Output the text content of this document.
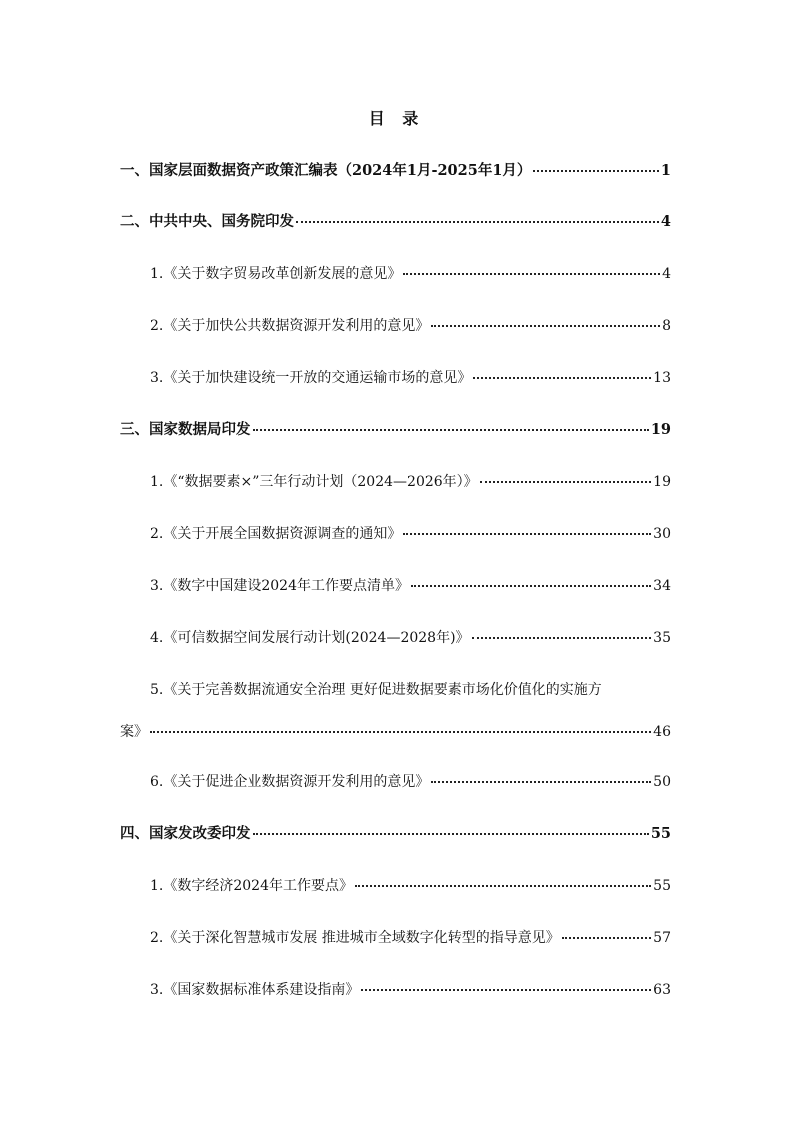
目 录
一、国家层面数据资产政策汇编表（2024年1月-2025年1月）	1
二、中共中央、国务院印发	4
1.《关于数字贸易改革创新发展的意见》	4
2.《关于加快公共数据资源开发利用的意见》	8
3.《关于加快建设统一开放的交通运输市场的意见》	13
三、国家数据局印发	19
1.《“数据要素×”三年行动计划（2024—2026年）》	19
2.《关于开展全国数据资源调查的通知》	30
3.《数字中国建设2024年工作要点清单》	34
4.《可信数据空间发展行动计划(2024—2028年)》	35
5.《关于完善数据流通安全治理 更好促进数据要素市场化价值化的实施方
案》	46
6.《关于促进企业数据资源开发利用的意见》	50
四、国家发改委印发	55
1.《数字经济2024年工作要点》	55
2.《关于深化智慧城市发展 推进城市全域数字化转型的指导意见》	57
3.《国家数据标准体系建设指南》	63
